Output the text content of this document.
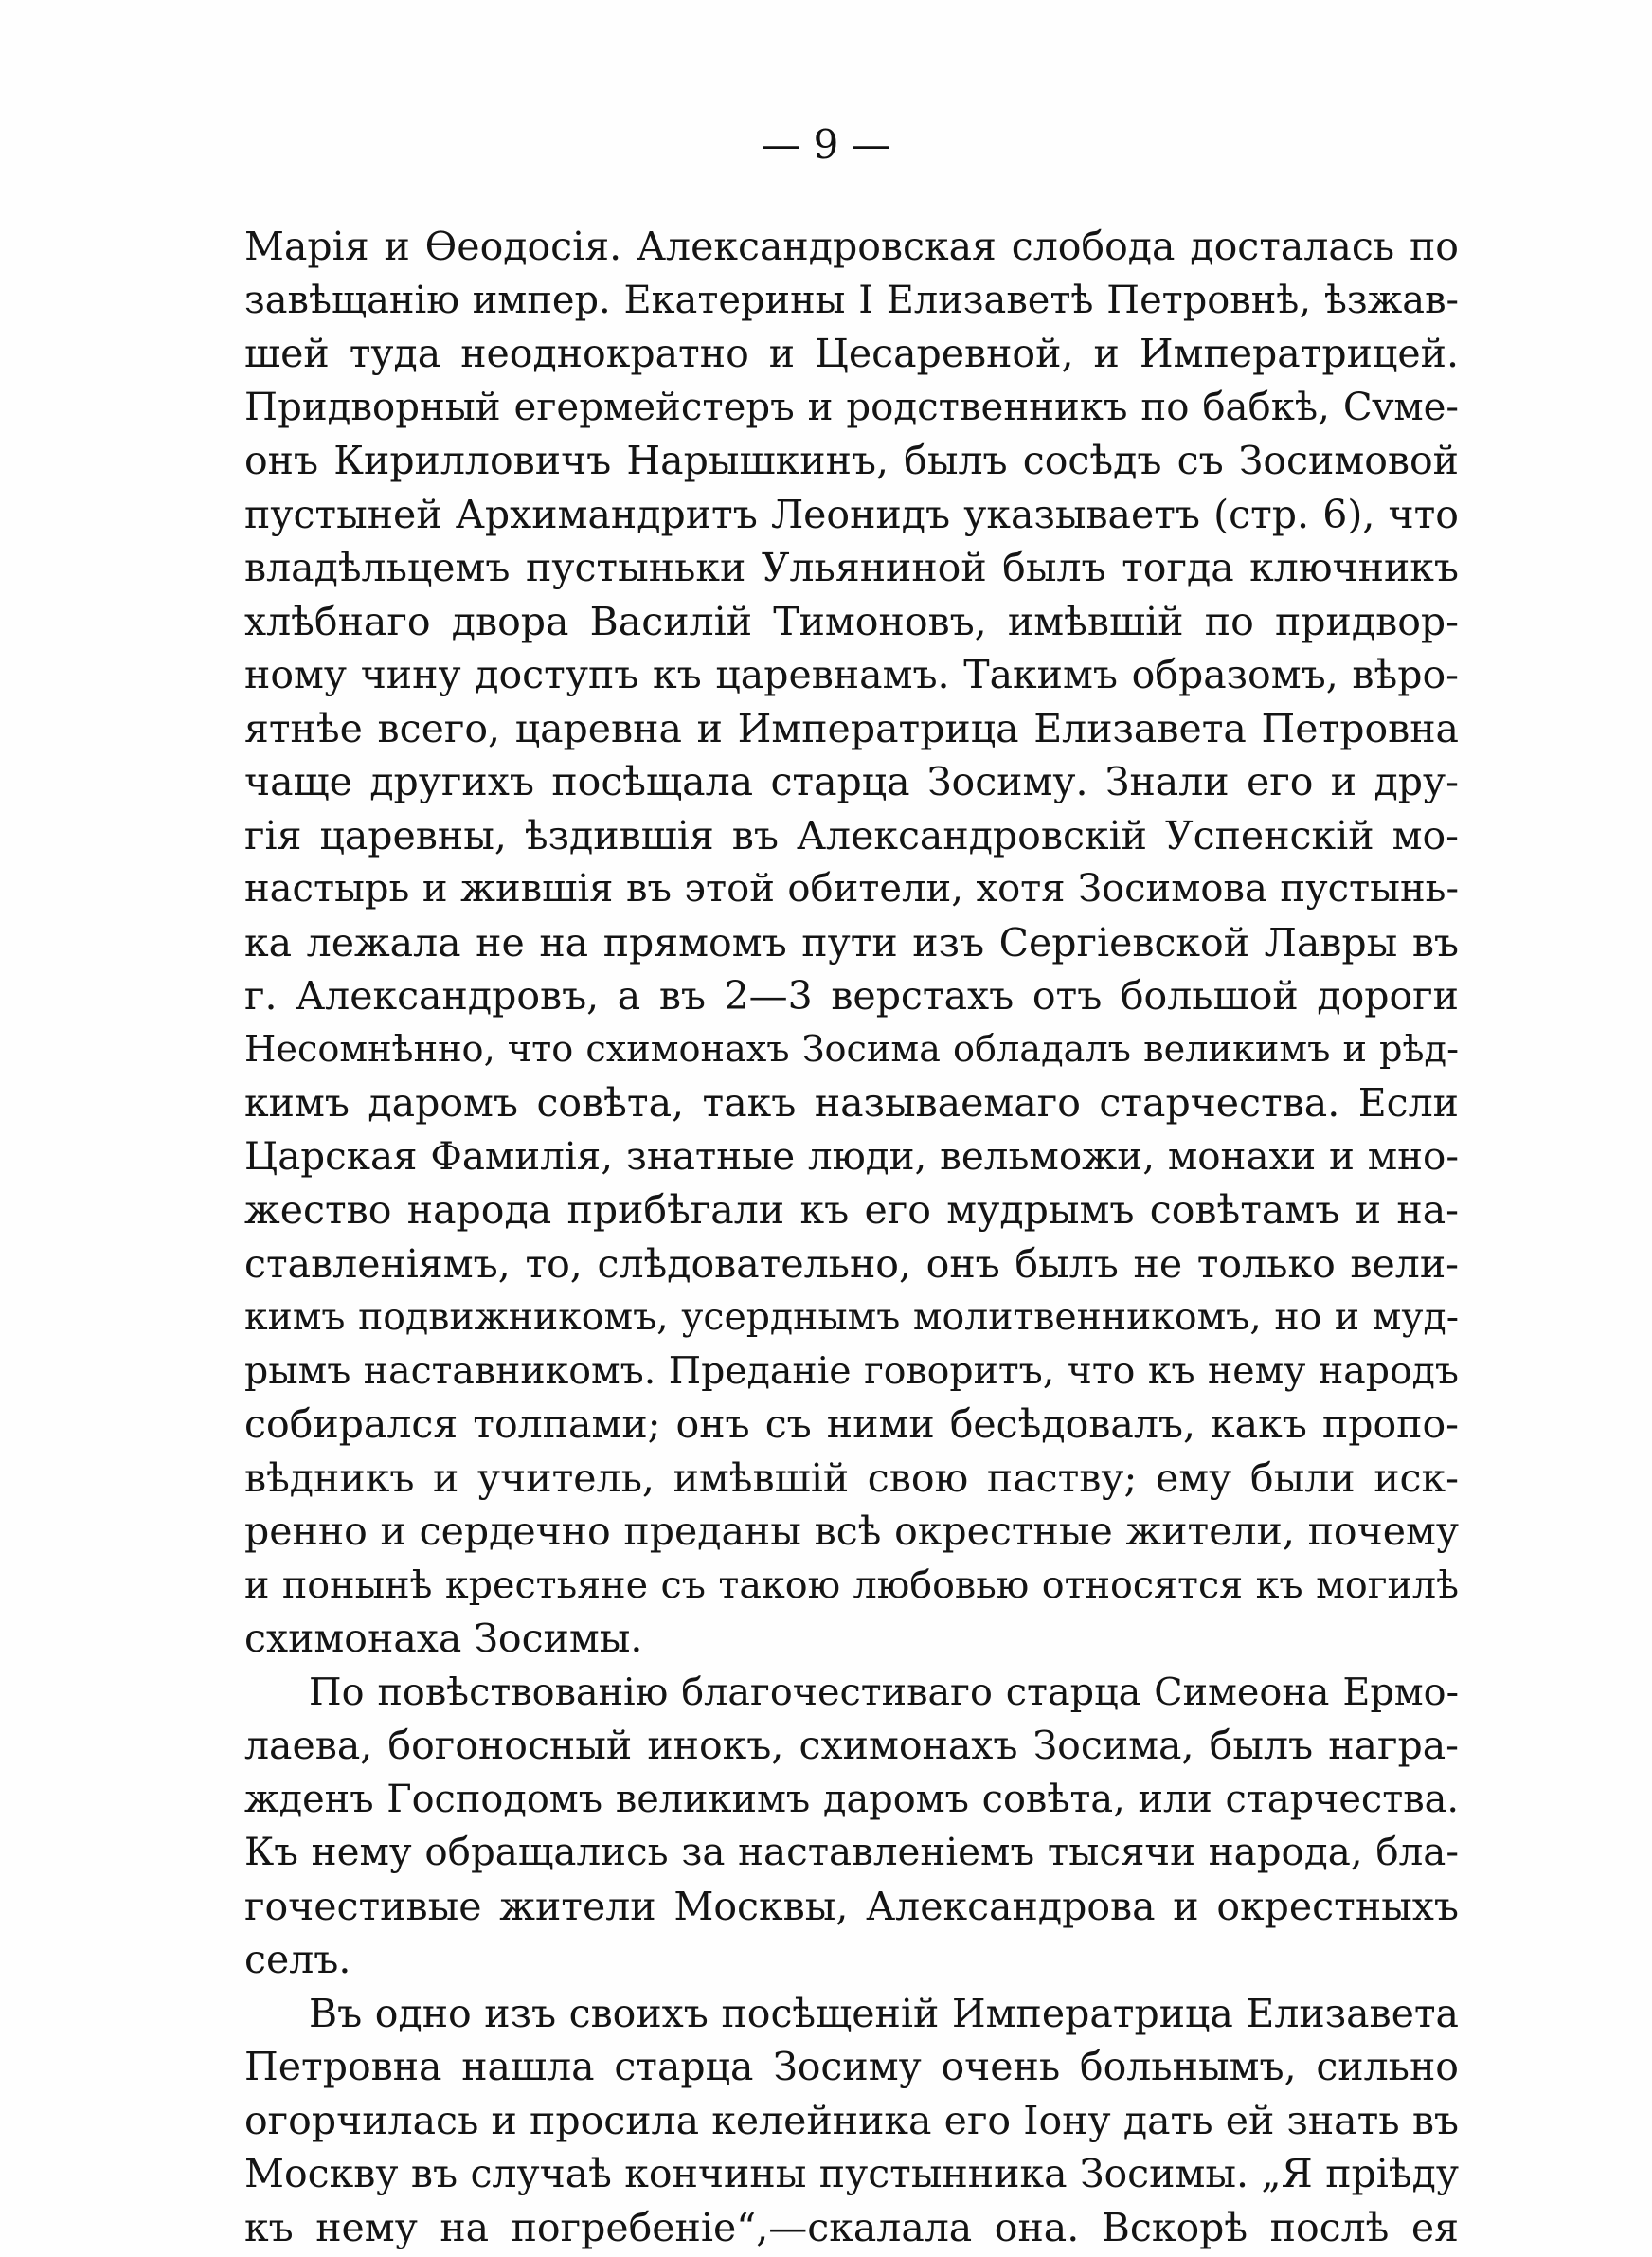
— 9 —
Марія и Өеодосія. Александровская слобода досталась по
завѣщанію импер. Екатерины I Елизаветѣ Петровнѣ, ѣзжав-
шей туда неоднократно и Цесаревной, и Императрицей.
Придворный егермейстеръ и родственникъ по бабкѣ, Сvме-
онъ Кирилловичъ Нарышкинъ, былъ сосѣдъ съ Зосимовой
пустыней Архимандритъ Леонидъ указываетъ (стр. 6), что
владѣльцемъ пустыньки Ульяниной былъ тогда ключникъ
хлѣбнаго двора Василій Тимоновъ, имѣвшій по придвор-
ному чину доступъ къ царевнамъ. Такимъ образомъ, вѣро-
ятнѣе всего, царевна и Императрица Елизавета Петровна
чаще другихъ посѣщала старца Зосиму. Знали его и дру-
гія царевны, ѣздившія въ Александровскій Успенскій мо-
настырь и жившія въ этой обители, хотя Зосимова пустынь-
ка лежала не на прямомъ пути изъ Сергіевской Лавры въ
г. Александровъ, а въ 2—3 верстахъ отъ большой дороги
Несомнѣнно, что схимонахъ Зосима обладалъ великимъ и рѣд-
кимъ даромъ совѣта, такъ называемаго старчества. Если
Царская Фамилія, знатные люди, вельможи, монахи и мно-
жество народа прибѣгали къ его мудрымъ совѣтамъ и на-
ставленіямъ, то, слѣдовательно, онъ былъ не только вели-
кимъ подвижникомъ, усерднымъ молитвенникомъ, но и муд-
рымъ наставникомъ. Преданіе говоритъ, что къ нему народъ
собирался толпами; онъ съ ними бесѣдовалъ, какъ пропо-
вѣдникъ и учитель, имѣвшій свою паству; ему были иск-
ренно и сердечно преданы всѣ окрестные жители, почему
и понынѣ крестьяне съ такою любовью относятся къ могилѣ
схимонаха Зосимы.
По повѣствованію благочестиваго старца Симеона Ермо-
лаева, богоносный инокъ, схимонахъ Зосима, былъ награ-
жденъ Господомъ великимъ даромъ совѣта, или старчества.
Къ нему обращались за наставленіемъ тысячи народа, бла-
гочестивые жители Москвы, Александрова и окрестныхъ
селъ.
Въ одно изъ своихъ посѣщеній Императрица Елизавета
Петровна нашла старца Зосиму очень больнымъ, сильно
огорчилась и просила келейника его Іону дать ей знать въ
Москву въ случаѣ кончины пустынника Зосимы. „Я пріѣду
къ нему на погребеніе“,—скалала она. Вскорѣ послѣ ея
